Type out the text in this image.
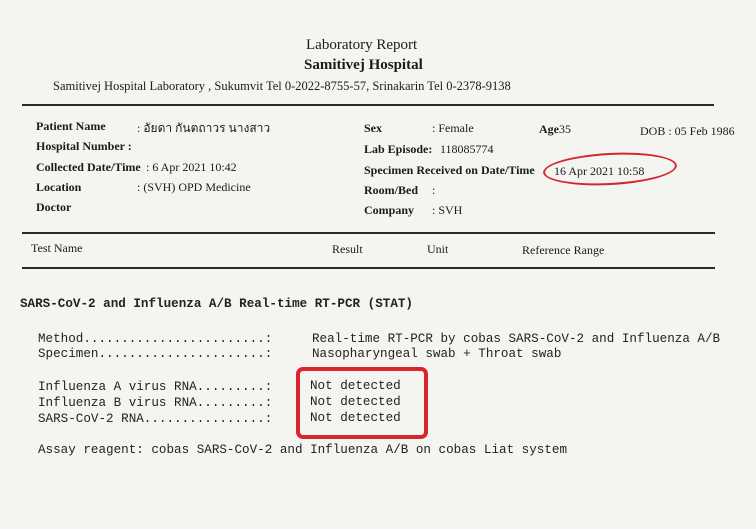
Laboratory Report
Samitivej Hospital
Samitivej Hospital Laboratory , Sukumvit Tel 0-2022-8755-57, Srinakarin Tel 0-2378-9138
Patient Name	: อัยดา กันตถาวร นางสาว
Hospital Number :
Collected Date/Time : 6 Apr 2021 10:42
Location	: (SVH) OPD Medicine
Doctor
Sex	: Female	Age35	DOB : 05 Feb 1986
Lab Episode: 118085774
Specimen Received on Date/Time 16 Apr 2021 10:58
Room/Bed :
Company : SVH
Test Name	Result	Unit	Reference Range
SARS-CoV-2 and Influenza A/B Real-time RT-PCR (STAT)
Method........................:	Real-time RT-PCR by cobas SARS-CoV-2 and Influenza A/B
Specimen......................:	Nasopharyngeal swab + Throat swab
Influenza A virus RNA.........:	Not detected
Influenza B virus RNA.........:	Not detected
SARS-CoV-2 RNA................:	Not detected
Assay reagent: cobas SARS-CoV-2 and Influenza A/B on cobas Liat system
